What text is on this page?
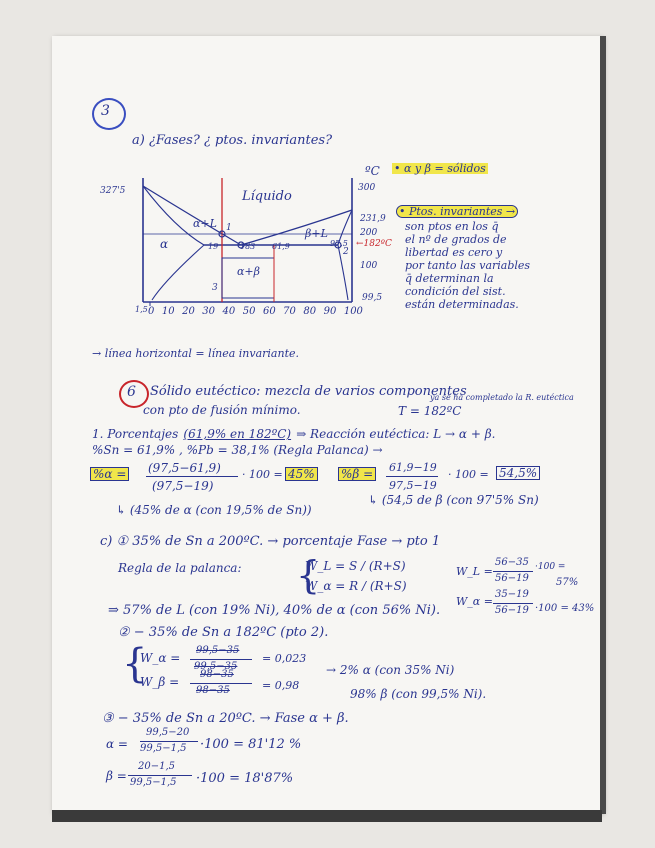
3
a) ¿Fases? ¿ ptos. invariantes?
327'5
ºC
300
Líquido
231,9
200
←182ºC
100
α+L
β+L
α
α+β
1
2
3
19	183 61,9	97,5
1,5
99,5
0 10 20 30 40 50 60 70 80 90 100
• α y β = sólidos
• Ptos. invariantes →
son ptos en los q̄
el nº de grados de
libertad es cero y
por tanto las variables
q̄ determinan la
condición del sist.
están determinadas.
→ línea horizontal = línea invariante.
6 Sólido eutéctico: mezcla de varios componentes
con pto de fusión mínimo.	T = 182ºC
ya se ha completado la R. eutéctica
1. Porcentajes (61,9% en 182ºC) ⇒ Reacción eutéctica: L → α + β.
%Sn = 61,9% , %Pb = 38,1% (Regla Palanca) →
%α = (97,5−61,9)
(97,5−19)
· 100 = 45% %β = 61,9−19
97,5−19
· 100 = 54,5%
↳ (45% de α (con 19,5% de Sn))
↳ (54,5 de β (con 97'5% Sn)
c) ① 35% de Sn a 200ºC. → porcentaje Fase → pto 1
Regla de la palanca:	W_L = S / (R+S)
W_α = R / (R+S)
{	W_L =
56−35
56−19
·100 =
57%
W_α =
35−19
56−19 ·100 = 43%
⇒ 57% de L (con 19% Ni), 40% de α (con 56% Ni).
② − 35% de Sn a 182ºC (pto 2).
{
W_α =
99,5−35
99,5−35
= 0,023
W_β =
98−35
98−35	= 0,98
→ 2% α (con 35% Ni)
98% β (con 99,5% Ni).
③ − 35% de Sn a 20ºC. → Fase α + β.
α =
99,5−20
99,5−1,5 ·100 = 81'12 %
β =
20−1,5
99,5−1,5 ·100 = 18'87%
